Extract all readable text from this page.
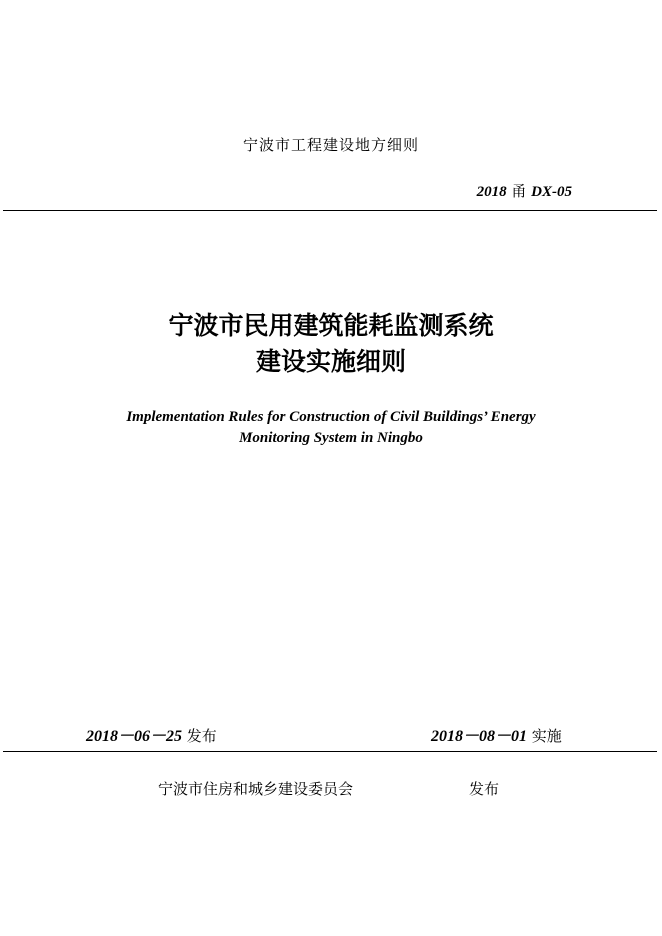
宁波市工程建设地方细则
2018 甬 DX-05
宁波市民用建筑能耗监测系统
建设实施细则
Implementation Rules for Construction of Civil Buildings’ Energy
Monitoring System in Ningbo
2018－06－25 发布	2018－08－01 实施
宁波市住房和城乡建设委员会	发布
